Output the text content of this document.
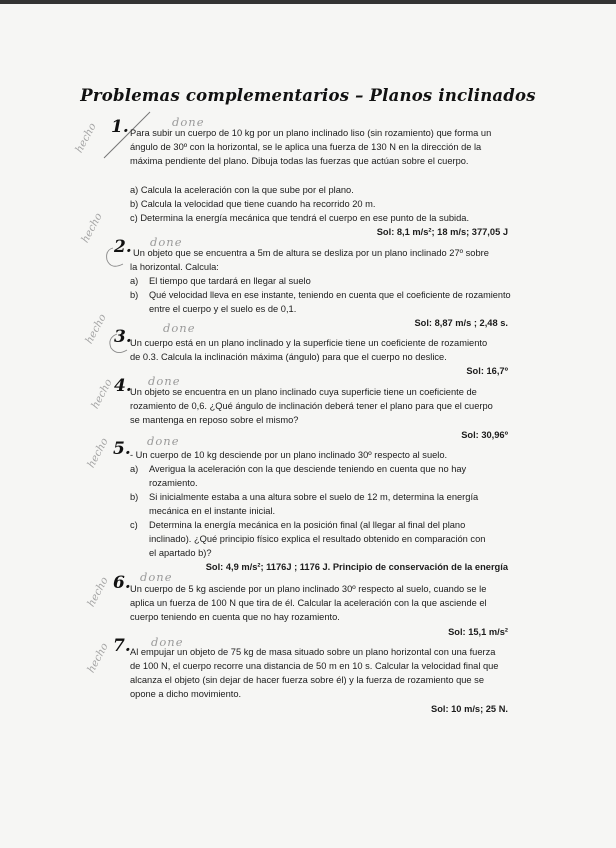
Problemas complementarios – Planos inclinados
done
hecho
done
hecho
done
hecho
done
hecho
done
hecho
done
hecho
done
hecho
1. Para subir un cuerpo de 10 kg por un plano inclinado liso (sin rozamiento) que forma un
ángulo de 30º con la horizontal, se le aplica una fuerza de 130 N en la dirección de la
máxima pendiente del plano. Dibuja todas las fuerzas que actúan sobre el cuerpo.
a) Calcula la aceleración con la que sube por el plano.
b) Calcula la velocidad que tiene cuando ha recorrido 20 m.
c) Determina la energía mecánica que tendrá el cuerpo en ese punto de la subida.
Sol: 8,1 m/s²; 18 m/s; 377,05 J
2. Un objeto que se encuentra a 5m de altura se desliza por un plano inclinado 27º sobre
la horizontal. Calcula:
a) El tiempo que tardará en llegar al suelo
b) Qué velocidad lleva en ese instante, teniendo en cuenta que el coeficiente de rozamiento
entre el cuerpo y el suelo es de 0,1.
Sol: 8,87 m/s ; 2,48 s.
3.
Un cuerpo está en un plano inclinado y la superficie tiene un coeficiente de rozamiento
de 0.3. Calcula la inclinación máxima (ángulo) para que el cuerpo no deslice.
Sol: 16,7º
4.
Un objeto se encuentra en un plano inclinado cuya superficie tiene un coeficiente de
rozamiento de 0,6. ¿Qué ángulo de inclinación deberá tener el plano para que el cuerpo
se mantenga en reposo sobre el mismo?
Sol: 30,96º
5. - Un cuerpo de 10 kg desciende por un plano inclinado 30º respecto al suelo.
a) Averigua la aceleración con la que desciende teniendo en cuenta que no hay
rozamiento.
b) Si inicialmente estaba a una altura sobre el suelo de 12 m, determina la energía
mecánica en el instante inicial.
c) Determina la energía mecánica en la posición final (al llegar al final del plano
inclinado). ¿Qué principio físico explica el resultado obtenido en comparación con
el apartado b)?
Sol: 4,9 m/s²; 1176J ; 1176 J. Principio de conservación de la energía
6. Un cuerpo de 5 kg asciende por un plano inclinado 30º respecto al suelo, cuando se le
aplica un fuerza de 100 N que tira de él. Calcular la aceleración con la que asciende el
cuerpo teniendo en cuenta que no hay rozamiento.
Sol: 15,1 m/s²
7. Al empujar un objeto de 75 kg de masa situado sobre un plano horizontal con una fuerza
de 100 N, el cuerpo recorre una distancia de 50 m en 10 s. Calcular la velocidad final que
alcanza el objeto (sin dejar de hacer fuerza sobre él) y la fuerza de rozamiento que se
opone a dicho movimiento.
Sol: 10 m/s; 25 N.
